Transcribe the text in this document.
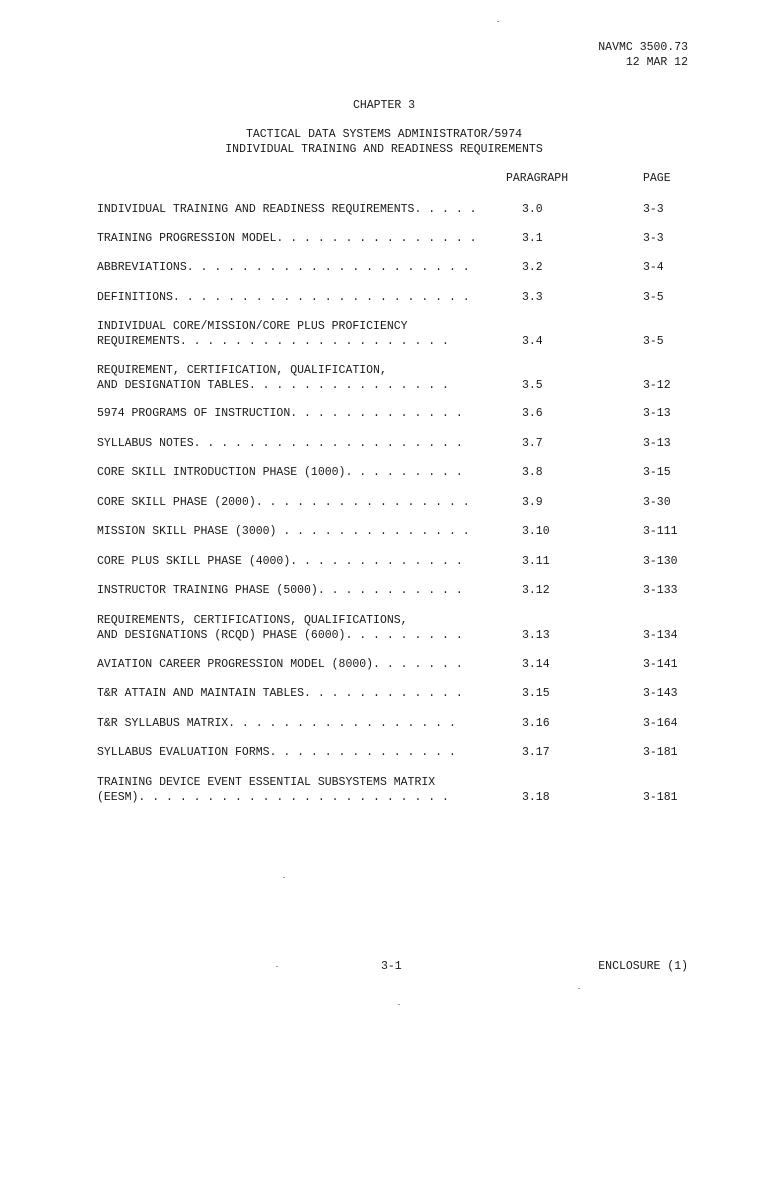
NAVMC 3500.73
12 MAR 12
CHAPTER 3
TACTICAL DATA SYSTEMS ADMINISTRATOR/5974
INDIVIDUAL TRAINING AND READINESS REQUIREMENTS
PARAGRAPH	PAGE
INDIVIDUAL TRAINING AND READINESS REQUIREMENTS. . . . .	3.0	3-3
TRAINING PROGRESSION MODEL. . . . . . . . . . . . . . .	3.1	3-3
ABBREVIATIONS. . . . . . . . . . . . . . . . . . . . .	3.2	3-4
DEFINITIONS. . . . . . . . . . . . . . . . . . . . . .	3.3	3-5
INDIVIDUAL CORE/MISSION/CORE PLUS PROFICIENCY
REQUIREMENTS. . . . . . . . . . . . . . . . . . . .	3.4	3-5
REQUIREMENT, CERTIFICATION, QUALIFICATION,
AND DESIGNATION TABLES. . . . . . . . . . . . . . .	3.5	3-12
5974 PROGRAMS OF INSTRUCTION. . . . . . . . . . . . .	3.6	3-13
SYLLABUS NOTES. . . . . . . . . . . . . . . . . . . .	3.7	3-13
CORE SKILL INTRODUCTION PHASE (1000). . . . . . . . .	3.8	3-15
CORE SKILL PHASE (2000). . . . . . . . . . . . . . . .	3.9	3-30
MISSION SKILL PHASE (3000) . . . . . . . . . . . . . .	3.10	3-111
CORE PLUS SKILL PHASE (4000). . . . . . . . . . . . .	3.11	3-130
INSTRUCTOR TRAINING PHASE (5000). . . . . . . . . . .	3.12	3-133
REQUIREMENTS, CERTIFICATIONS, QUALIFICATIONS,
AND DESIGNATIONS (RCQD) PHASE (6000). . . . . . . . .	3.13	3-134
AVIATION CAREER PROGRESSION MODEL (8000). . . . . . .	3.14	3-141
T&R ATTAIN AND MAINTAIN TABLES. . . . . . . . . . . .	3.15	3-143
T&R SYLLABUS MATRIX. . . . . . . . . . . . . . . . .	3.16	3-164
SYLLABUS EVALUATION FORMS. . . . . . . . . . . . . .	3.17	3-181
TRAINING DEVICE EVENT ESSENTIAL SUBSYSTEMS MATRIX
(EESM). . . . . . . . . . . . . . . . . . . . . . .	3.18	3-181
3-1	ENCLOSURE (1)
